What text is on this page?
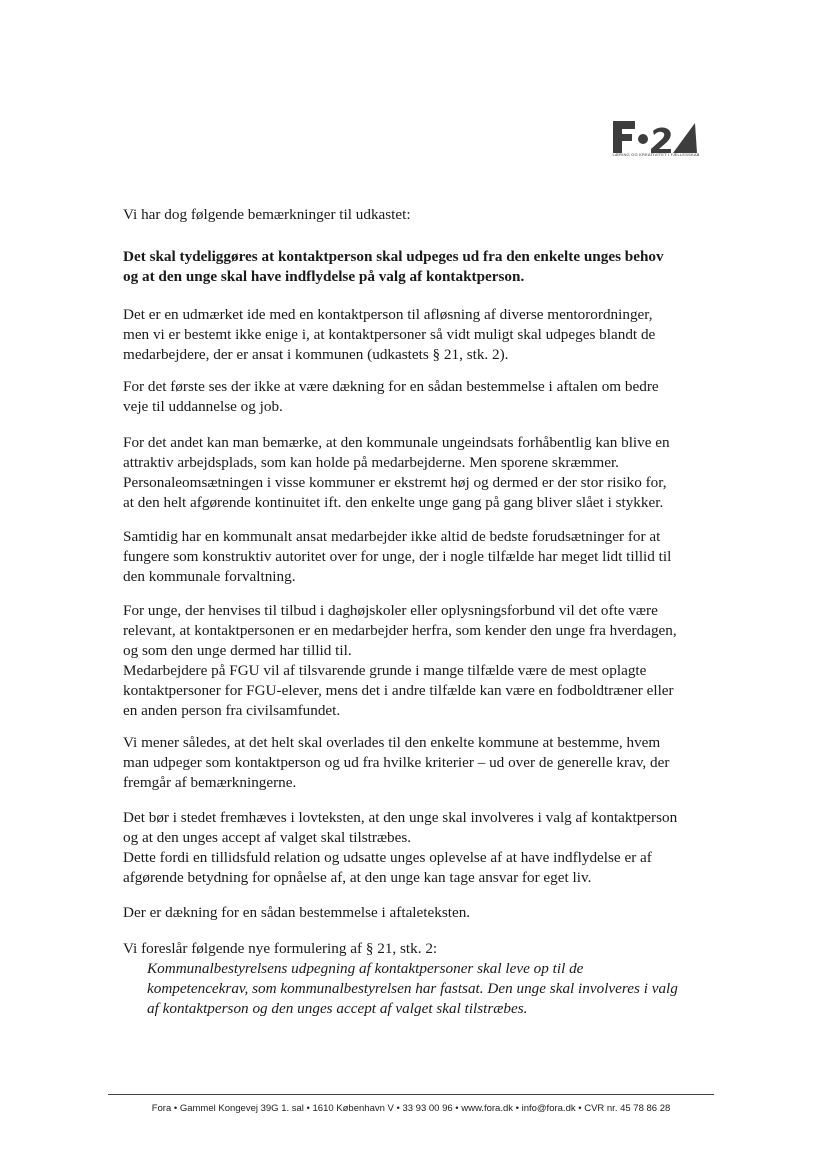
LÆRING OG KREATIVITET I FÆLLESSKAB

Vi har dog følgende bemærkninger til udkastet:

Det skal tydeliggøres at kontaktperson skal udpeges ud fra den enkelte unges behov

og at den unge skal have indflydelse på valg af kontaktperson.

Det er en udmærket ide med en kontaktperson til afløsning af diverse mentorordninger,

men vi er bestemt ikke enige i, at kontaktpersoner så vidt muligt skal udpeges blandt de

medarbejdere, der er ansat i kommunen (udkastets § 21, stk. 2).

For det første ses der ikke at være dækning for en sådan bestemmelse i aftalen om bedre

veje til uddannelse og job.

For det andet kan man bemærke, at den kommunale ungeindsats forhåbentlig kan blive en

attraktiv arbejdsplads, som kan holde på medarbejderne. Men sporene skræmmer.

Personaleomsætningen i visse kommuner er ekstremt høj og dermed er der stor risiko for,

at den helt afgørende kontinuitet ift. den enkelte unge gang på gang bliver slået i stykker.

Samtidig har en kommunalt ansat medarbejder ikke altid de bedste forudsætninger for at

fungere som konstruktiv autoritet over for unge, der i nogle tilfælde har meget lidt tillid til

den kommunale forvaltning.

For unge, der henvises til tilbud i daghøjskoler eller oplysningsforbund vil det ofte være

relevant, at kontaktpersonen er en medarbejder herfra, som kender den unge fra hverdagen,

og som den unge dermed har tillid til.

Medarbejdere på FGU vil af tilsvarende grunde i mange tilfælde være de mest oplagte

kontaktpersoner for FGU-elever, mens det i andre tilfælde kan være en fodboldtræner eller

en anden person fra civilsamfundet.

Vi mener således, at det helt skal overlades til den enkelte kommune at bestemme, hvem

man udpeger som kontaktperson og ud fra hvilke kriterier – ud over de generelle krav, der

fremgår af bemærkningerne.

Det bør i stedet fremhæves i lovteksten, at den unge skal involveres i valg af kontaktperson

og at den unges accept af valget skal tilstræbes.

Dette fordi en tillidsfuld relation og udsatte unges oplevelse af at have indflydelse er af

afgørende betydning for opnåelse af, at den unge kan tage ansvar for eget liv.

Der er dækning for en sådan bestemmelse i aftaleteksten.

Vi foreslår følgende nye formulering af § 21, stk. 2:

Kommunalbestyrelsens udpegning af kontaktpersoner skal leve op til de

kompetencekrav, som kommunalbestyrelsen har fastsat. Den unge skal involveres i valg

af kontaktperson og den unges accept af valget skal tilstræbes.

Fora • Gammel Kongevej 39G 1. sal • 1610 København V • 33 93 00 96 • www.fora.dk • info@fora.dk • CVR nr. 45 78 86 28
